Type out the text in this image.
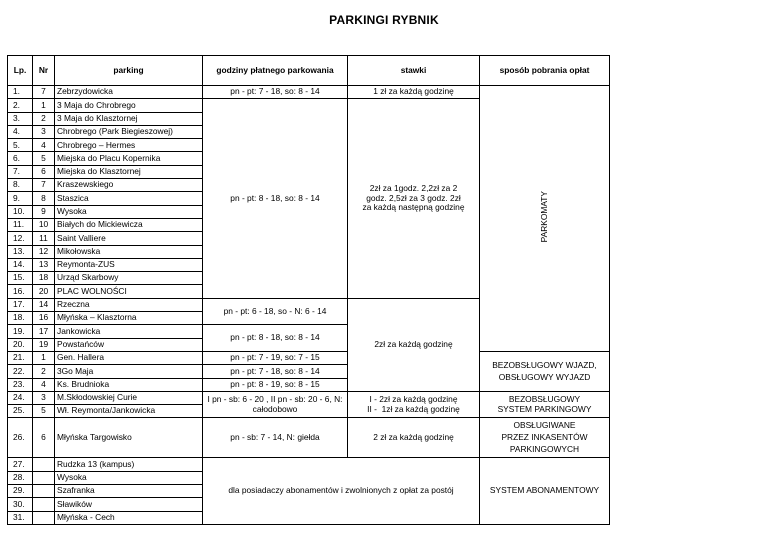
PARKINGI RYBNIK
Lp.	Nr	parking	godziny płatnego parkowania	stawki	sposób pobrania opłat
1.	7	Zebrzydowicka	pn - pt: 7 - 18, so: 8 - 14	1 zł za każdą godzinę	PARKOMATY
2.	1	3 Maja do Chrobrego	pn - pt: 8 - 18, so: 8 - 14	2zł za 1godz. 2,2zł za 2 godz. 2,5zł za 3 godz. 2zł za każdą następną godzinę	
3.	2	3 Maja do Klasztornej			
4.	3	Chrobrego (Park Biegieszowej)			
5.	4	Chrobrego – Hermes			
6.	5	Miejska do Placu Kopernika			
7.	6	Miejska do Klasztornej			
8.	7	Kraszewskiego			
9.	8	Staszica			
10.	9	Wysoka			
11.	10	Białych do Mickiewicza			
12.	11	Saint Valliere			
13.	12	Mikołowska			
14.	13	Reymonta-ZUS			
15.	18	Urząd Skarbowy			
16.	20	PLAC WOLNOŚCI			
17.	14	Rzeczna	pn - pt: 6 - 18, so - N: 6 - 14	2zł za każdą godzinę	
18.	16	Młyńska – Klasztorna			
19.	17	Jankowicka	pn - pt: 8 - 18, so: 8 - 14		
20.	19	Powstańców			
21.	1	Gen. Hallera	pn - pt: 7 - 19, so: 7 - 15		BEZOBSŁUGOWY WJAZD, OBSŁUGOWY WYJAZD
22.	2	3Go Maja	pn - pt: 7 - 18, so: 8 - 14		
23.	4	Ks. Brudnioka	pn - pt: 8 - 19, so: 8 - 15		
24.	3	M.Skłodowskiej Curie	I pn - sb: 6 - 20 , II pn - sb: 20 - 6, N: całodobowo	I - 2zł za każdą godzinę                II -  1zł za każdą godzinę	BEZOBSŁUGOWY SYSTEM PARKINGOWY
25.	5	Wł. Reymonta/Jankowicka			
26.	6	Młyńska Targowisko	pn - sb: 7 - 14, N: giełda	2 zł za każdą godzinę	OBSŁUGIWANE PRZEZ INKASENTÓW PARKINGOWYCH
27.		Rudzka 13 (kampus)	dla posiadaczy abonamentów i zwolnionych z opłat za postój		SYSTEM ABONAMENTOWY
28.		Wysoka			
29.		Szafranka			
30.		Sławików			
31.		Młyńska - Cech			
